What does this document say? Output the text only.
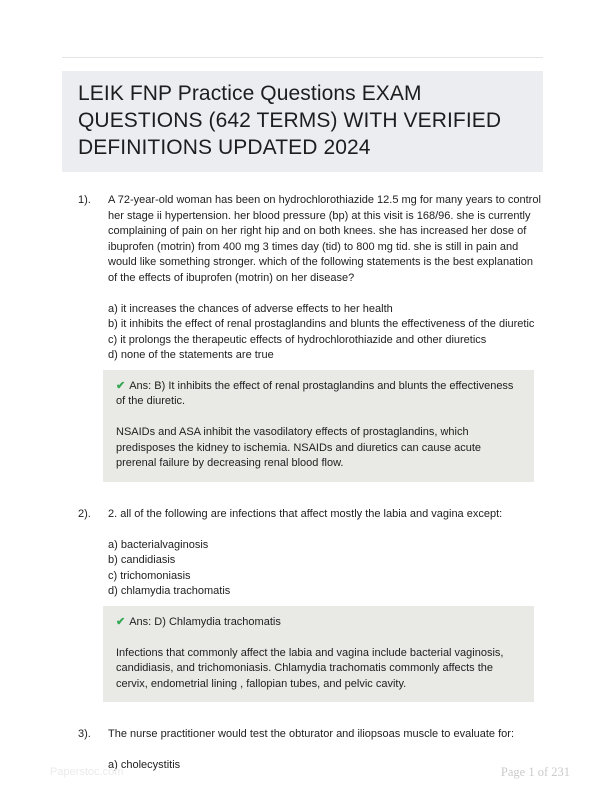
LEIK FNP Practice Questions EXAM QUESTIONS (642 TERMS) WITH VERIFIED DEFINITIONS UPDATED 2024
1).	A 72-year-old woman has been on hydrochlorothiazide 12.5 mg for many years to control her stage ii hypertension. her blood pressure (bp) at this visit is 168/96. she is currently complaining of pain on her right hip and on both knees. she has increased her dose of ibuprofen (motrin) from 400 mg 3 times day (tid) to 800 mg tid. she is still in pain and would like something stronger. which of the following statements is the best explanation of the effects of ibuprofen (motrin) on her disease?

a) it increases the chances of adverse effects to her health
b) it inhibits the effect of renal prostaglandins and blunts the effectiveness of the diuretic
c) it prolongs the therapeutic effects of hydrochlorothiazide and other diuretics
d) none of the statements are true

✔ Ans: B) It inhibits the effect of renal prostaglandins and blunts the effectiveness of the diuretic.

NSAIDs and ASA inhibit the vasodilatory effects of prostaglandins, which predisposes the kidney to ischemia. NSAIDs and diuretics can cause acute prerenal failure by decreasing renal blood flow.

2).	2. all of the following are infections that affect mostly the labia and vagina except:

a) bacterialvaginosis
b) candidiasis
c) trichomoniasis
d) chlamydia trachomatis

✔ Ans: D) Chlamydia trachomatis

Infections that commonly affect the labia and vagina include bacterial vaginosis, candidiasis, and trichomoniasis. Chlamydia trachomatis commonly affects the cervix, endometrial lining , fallopian tubes, and pelvic cavity.

3).	The nurse practitioner would test the obturator and iliopsoas muscle to evaluate for:

a) cholecystitis
Paperstoc.com	Page 1 of 231
